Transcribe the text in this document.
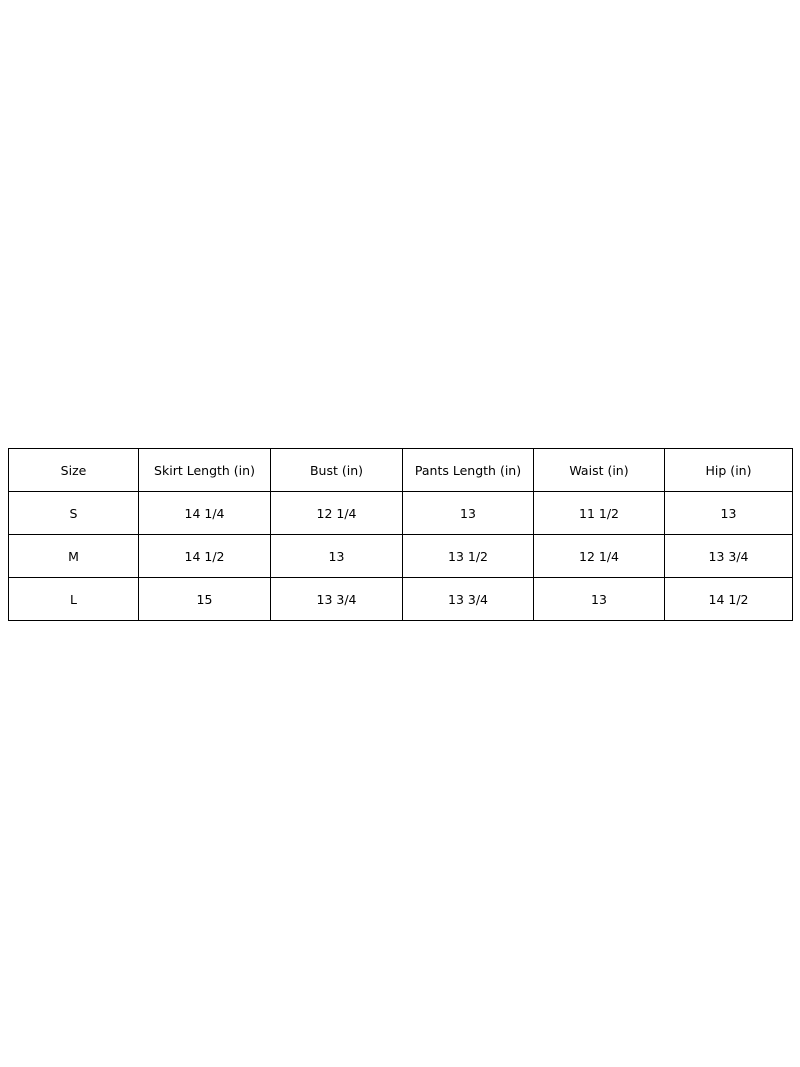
Size	Skirt Length (in)	Bust (in)	Pants Length (in)	Waist (in)	Hip (in)
S	14 1/4	12 1/4	13	11 1/2	13
M	14 1/2	13	13 1/2	12 1/4	13 3/4
L	15	13 3/4	13 3/4	13	14 1/2
